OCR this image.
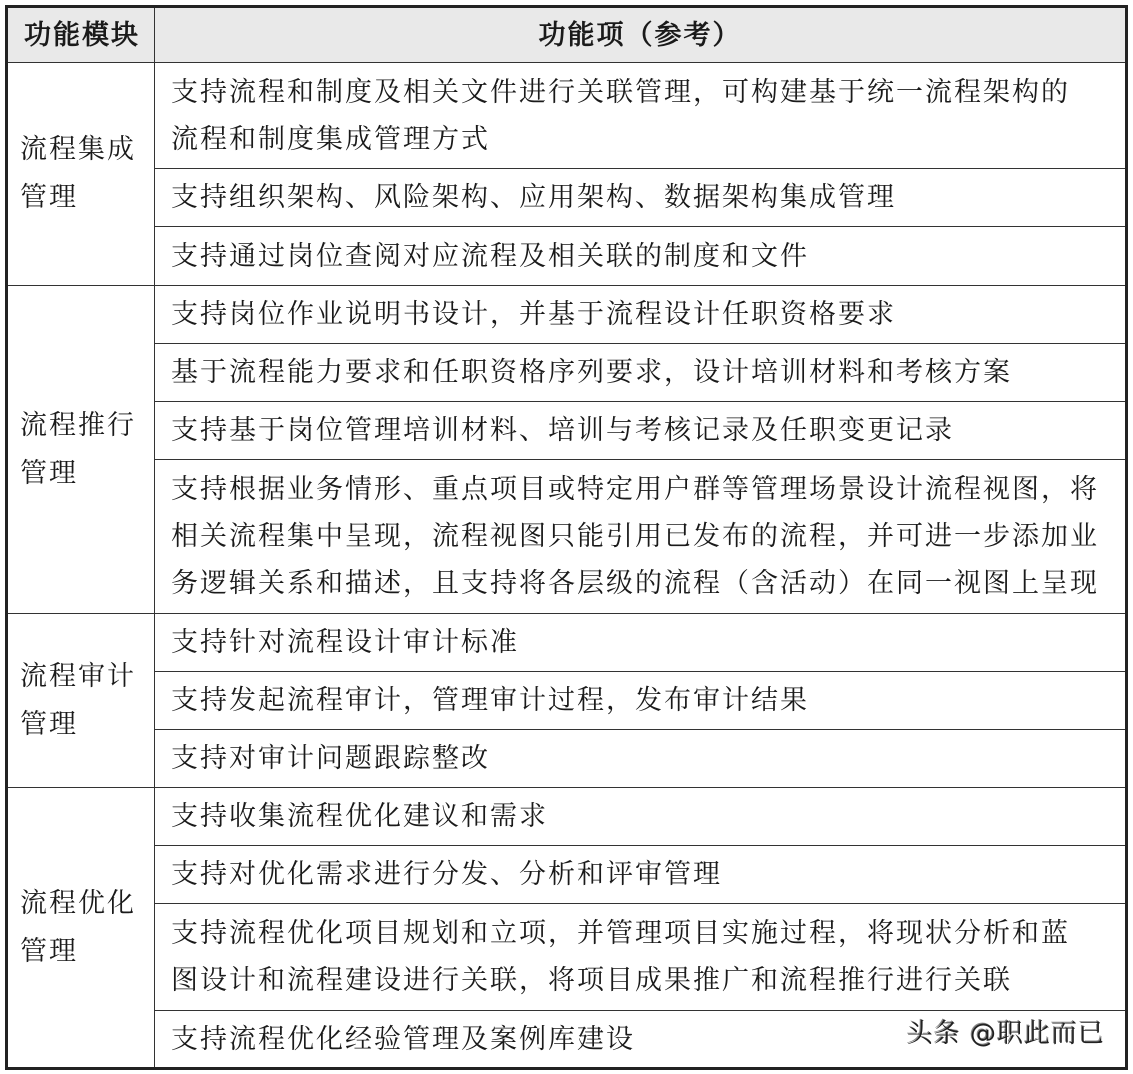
功能模块	功能项（参考）

流程集成管理	支持流程和制度及相关文件进行关联管理，可构建基于统一流程架构的
流程和制度集成管理方式

	支持组织架构、风险架构、应用架构、数据架构集成管理

	支持通过岗位查阅对应流程及相关联的制度和文件

流程推行管理	支持岗位作业说明书设计，并基于流程设计任职资格要求

	基于流程能力要求和任职资格序列要求，设计培训材料和考核方案

	支持基于岗位管理培训材料、培训与考核记录及任职变更记录

	支持根据业务情形、重点项目或特定用户群等管理场景设计流程视图，将
相关流程集中呈现，流程视图只能引用已发布的流程，并可进一步添加业
务逻辑关系和描述，且支持将各层级的流程（含活动）在同一视图上呈现

流程审计管理	支持针对流程设计审计标准

	支持发起流程审计，管理审计过程，发布审计结果

	支持对审计问题跟踪整改

流程优化管理	支持收集流程优化建议和需求

	支持对优化需求进行分发、分析和评审管理

	支持流程优化项目规划和立项，并管理项目实施过程，将现状分析和蓝
图设计和流程建设进行关联，将项目成果推广和流程推行进行关联

	支持流程优化经验管理及案例库建设	头条 @职此而已
